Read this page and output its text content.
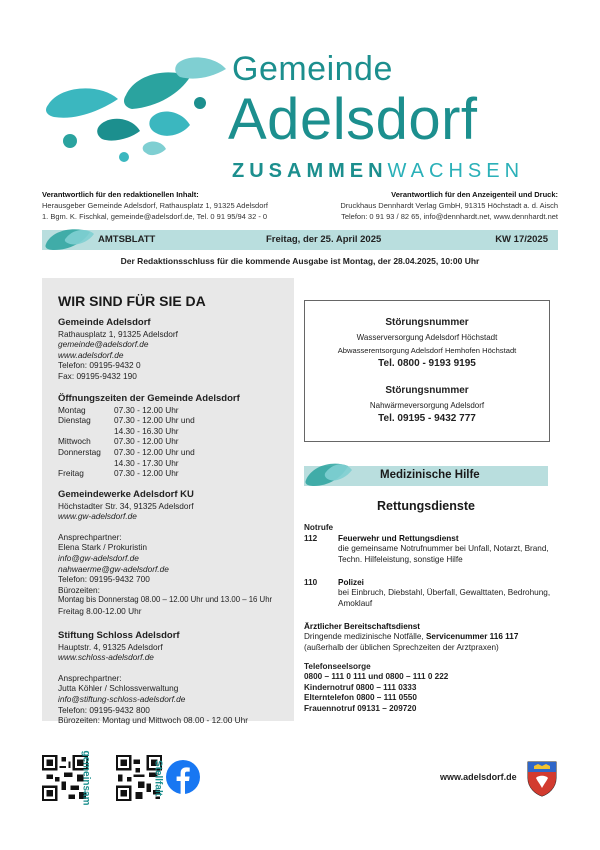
Gemeinde
Adelsdorf
ZUSAMMENWACHSEN
Verantwortlich für den redaktionellen Inhalt:
Herausgeber Gemeinde Adelsdorf, Rathausplatz 1, 91325 Adelsdorf
1. Bgm. K. Fischkal, gemeinde@adelsdorf.de, Tel. 0 91 95/94 32 - 0
Verantwortlich für den Anzeigenteil und Druck:
Druckhaus Dennhardt Verlag GmbH, 91315 Höchstadt a. d. Aisch
Telefon: 0 91 93 / 82 65, info@dennhardt.net, www.dennhardt.net
AMTSBLATT	Freitag, der 25. April 2025	KW 17/2025
Der Redaktionsschluss für die kommende Ausgabe ist Montag, der 28.04.2025, 10:00 Uhr
WIR SIND FÜR SIE DA
Gemeinde Adelsdorf
Rathausplatz 1, 91325 Adelsdorf
gemeinde@adelsdorf.de
www.adelsdorf.de
Telefon: 09195-9432 0
Fax: 09195-9432 190
Öffnungszeiten der Gemeinde Adelsdorf
Montag	07.30 - 12.00 Uhr
Dienstag	07.30 - 12.00 Uhr und
	14.30 - 16.30 Uhr
Mittwoch	07.30 - 12.00 Uhr
Donnerstag	07.30 - 12.00 Uhr und
	14.30 - 17.30 Uhr
Freitag	07.30 - 12.00 Uhr
Gemeindewerke Adelsdorf KU
Höchstadter Str. 34, 91325 Adelsdorf
www.gw-adelsdorf.de
Ansprechpartner:
Elena Stark / Prokuristin
info@gw-adelsdorf.de
nahwaerme@gw-adelsdorf.de
Telefon: 09195-9432 700
Bürozeiten:
Montag bis Donnerstag 08.00 – 12.00 Uhr und 13.00 – 16 Uhr
Freitag 8.00-12.00 Uhr
Stiftung Schloss Adelsdorf
Hauptstr. 4, 91325 Adelsdorf
www.schloss-adelsdorf.de
Ansprechpartner:
Jutta Köhler / Schlossverwaltung
info@stiftung-schloss-adelsdorf.de
Telefon: 09195-9432 800
Bürozeiten: Montag und Mittwoch 08.00 - 12.00 Uhr
Störungsnummer
Wasserversorgung Adelsdorf Höchstadt
Abwasserentsorgung Adelsdorf Hemhofen Höchstadt
Tel. 0800 - 9193 9195
Störungsnummer
Nahwärmeversorgung Adelsdorf
Tel. 09195 - 9432 777
Medizinische Hilfe
Rettungsdienste
Notrufe
112	Feuerwehr und Rettungsdienst
die gemeinsame Notrufnummer bei Unfall, Notarzt, Brand, Techn. Hilfeleistung, sonstige Hilfe
110	Polizei
bei Einbruch, Diebstahl, Überfall, Gewalttaten, Bedrohung, Amoklauf
Ärztlicher Bereitschaftsdienst
Dringende medizinische Notfälle, Servicenummer 116 117
(außerhalb der üblichen Sprechzeiten der Arztpraxen)
Telefonseelsorge
0800 – 111 0 111 und 0800 – 111 0 222
Kindernotruf 0800 – 111 0333
Elterntelefon 0800 – 111 0550
Frauennotruf 09131 – 209720
gemeinsam	Stellfalt	www.adelsdorf.de
